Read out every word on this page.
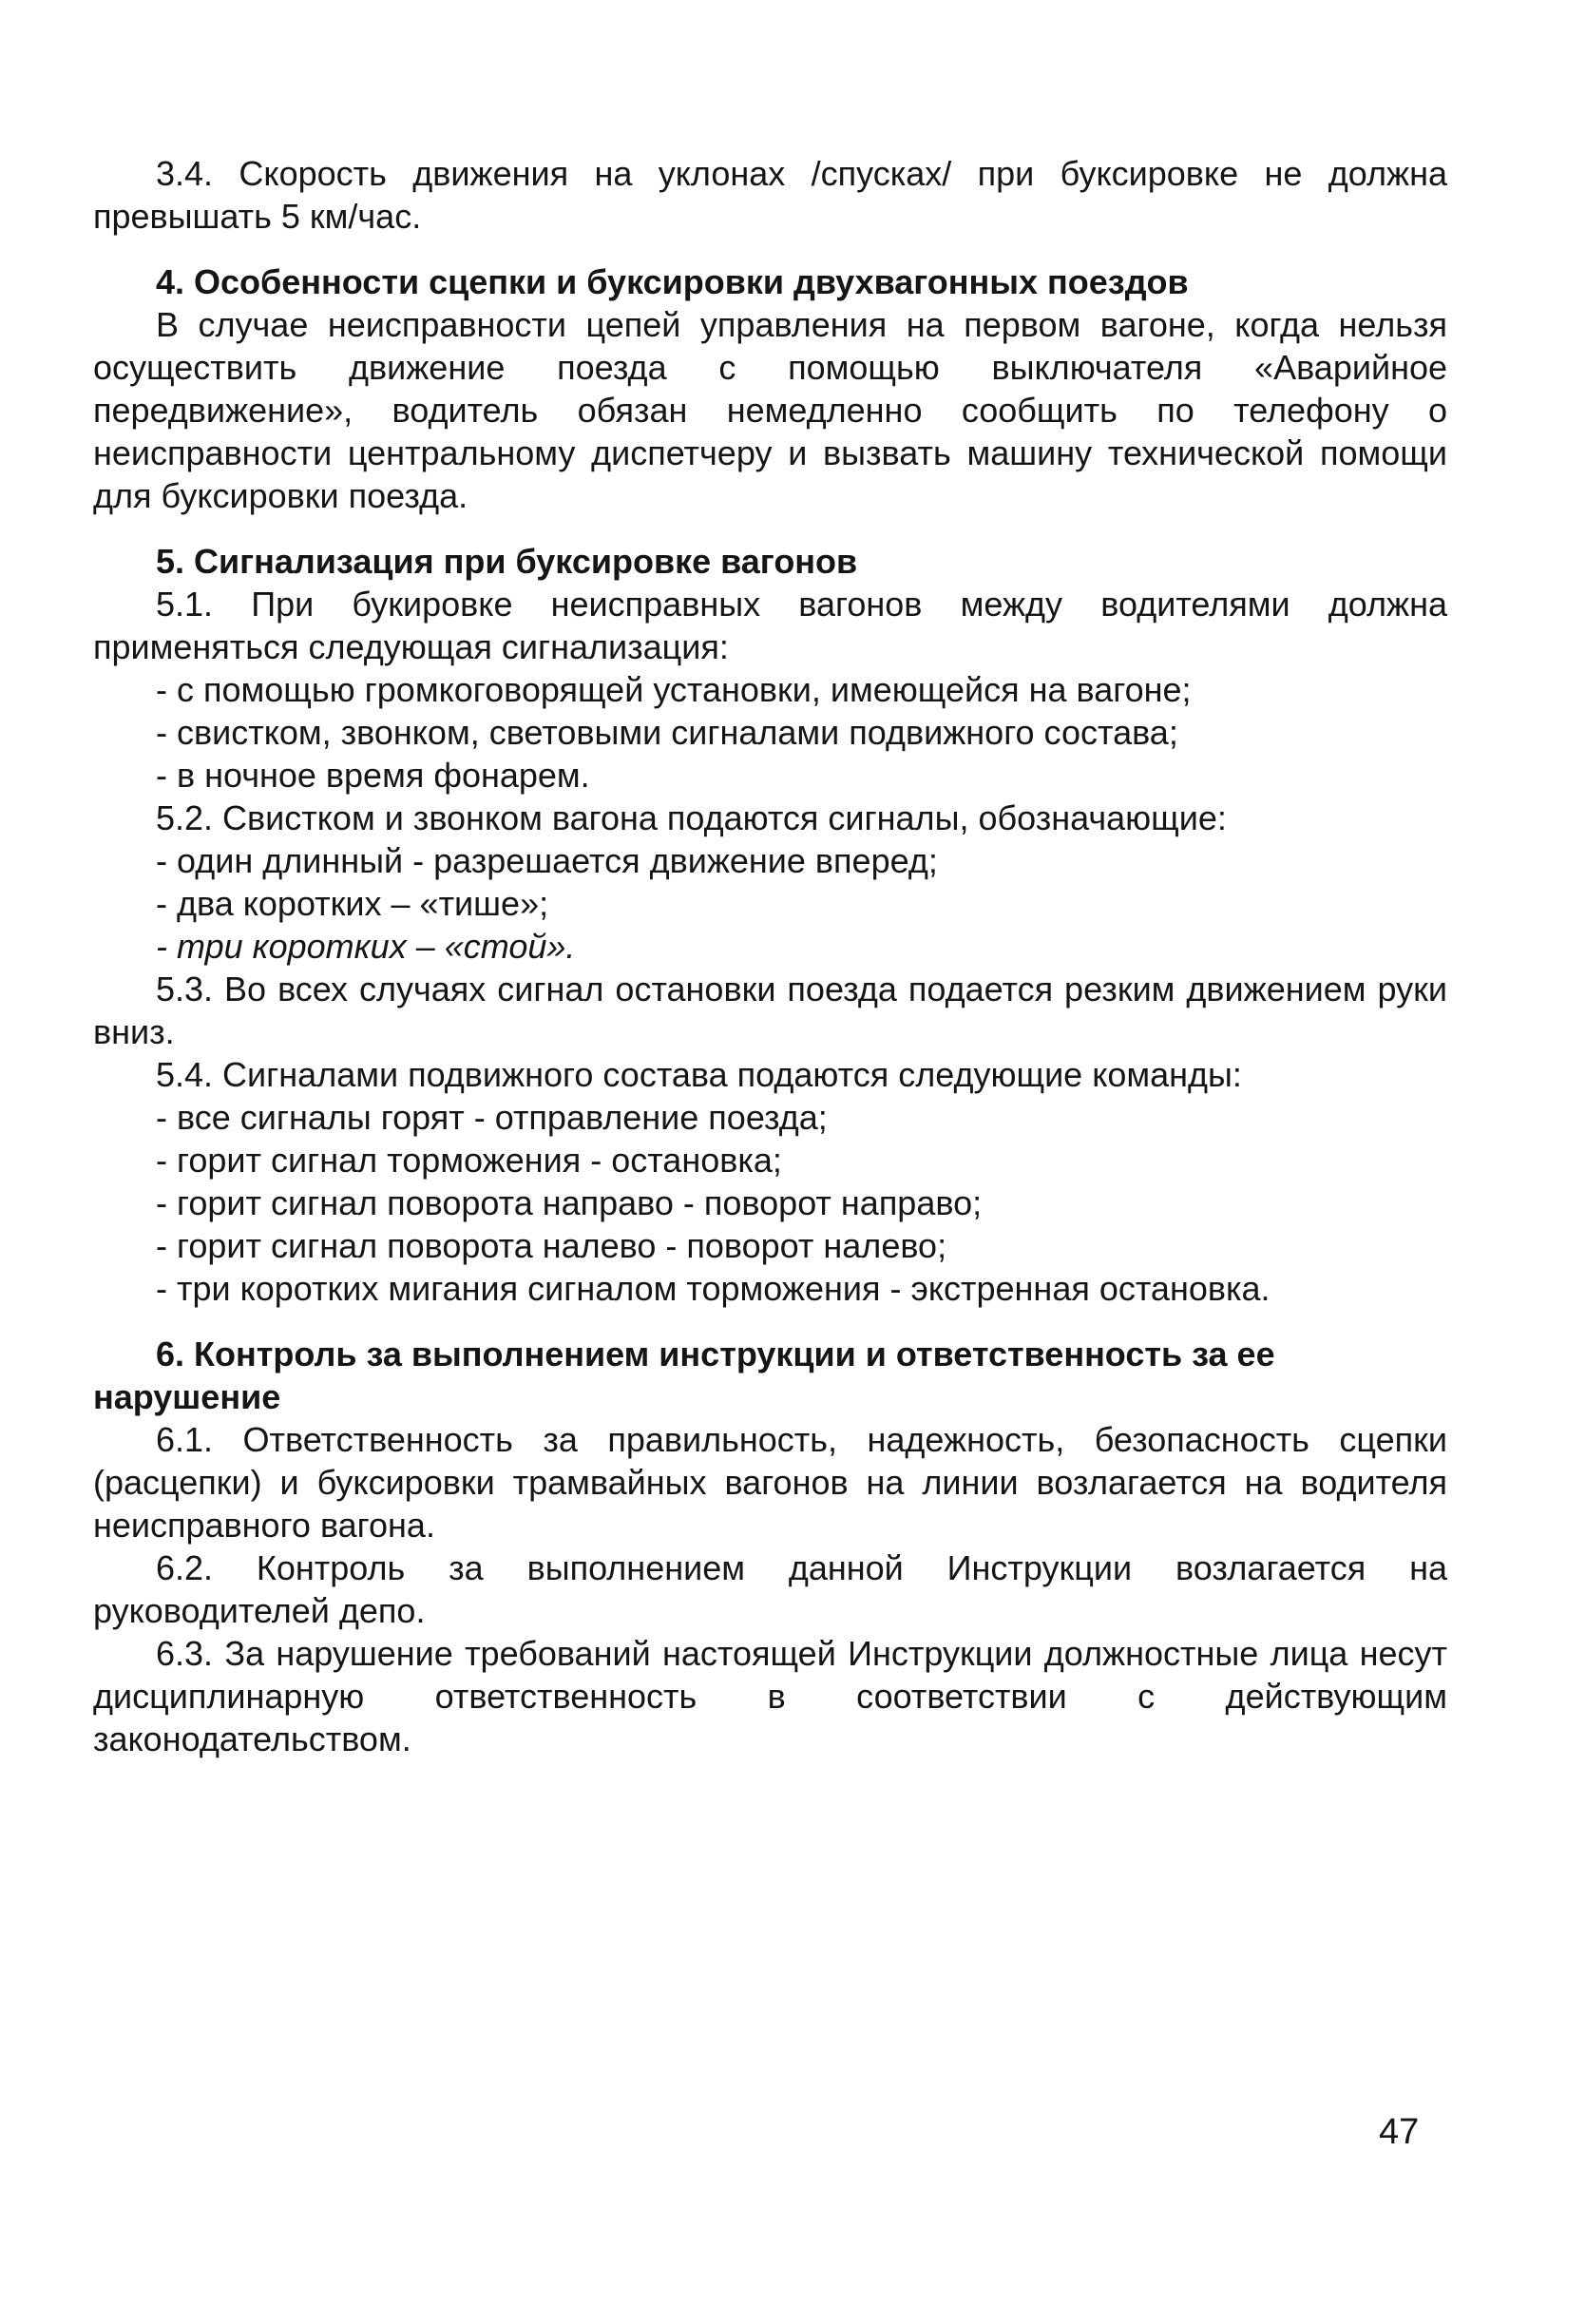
3.4. Скорость движения на уклонах /спусках/ при буксировке не должна превышать 5 км/час.

4. Особенности сцепки и буксировки двухвагонных поездов

В случае неисправности цепей управления на первом вагоне, когда нельзя осуществить движение поезда с помощью выключателя «Аварийное передвижение», водитель обязан немедленно сообщить по телефону о неисправности центральному диспетчеру и вызвать машину технической помощи для буксировки поезда.

5. Сигнализация при буксировке вагонов

5.1. При букировке неисправных вагонов между водителями должна применяться следующая сигнализация:

- с помощью громкоговорящей установки, имеющейся на вагоне;

- свистком, звонком, световыми сигналами подвижного состава;

- в ночное время фонарем.

5.2. Свистком и звонком вагона подаются сигналы, обозначающие:

- один длинный - разрешается движение вперед;

- два коротких – «тише»;

- три коротких – «стой».

5.3. Во всех случаях сигнал остановки поезда подается резким движением руки вниз.

5.4. Сигналами подвижного состава подаются следующие команды:

- все сигналы горят - отправление поезда;

- горит сигнал торможения - остановка;

- горит сигнал поворота направо - поворот направо;

- горит сигнал поворота налево - поворот налево;

- три коротких мигания сигналом торможения - экстренная остановка.

6. Контроль за выполнением инструкции и ответственность за ее нарушение

6.1. Ответственность за правильность, надежность, безопасность сцепки (расцепки) и буксировки трамвайных вагонов на линии возлагается на водителя неисправного вагона.

6.2. Контроль за выполнением данной Инструкции возлагается на руководителей депо.

6.3. За нарушение требований настоящей Инструкции должностные лица несут дисциплинарную ответственность в соответствии с действующим законодательством.

47
